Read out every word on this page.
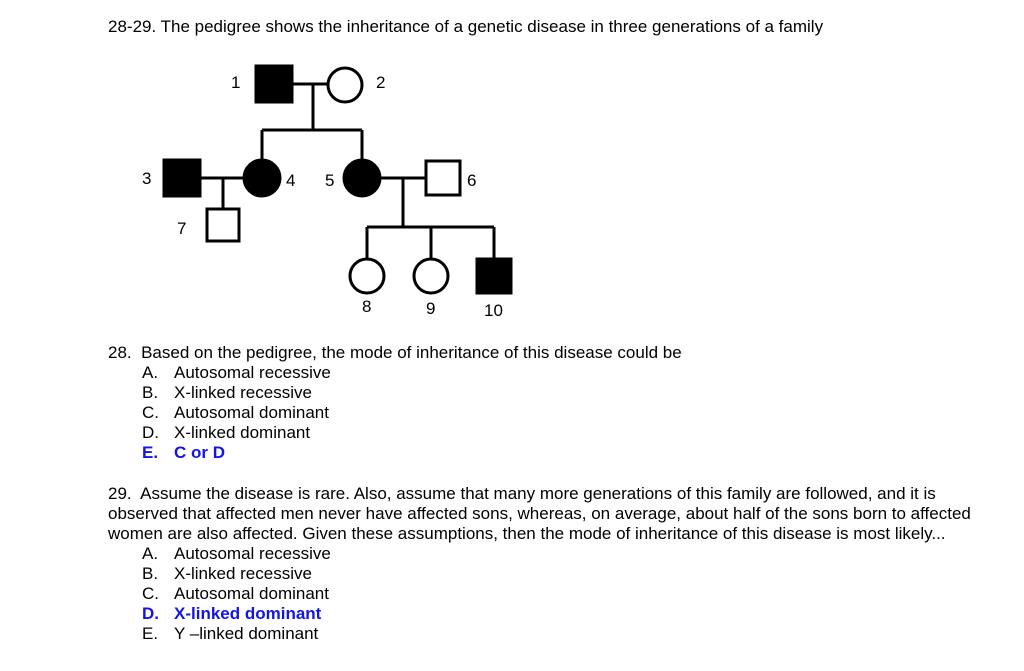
28-29. The pedigree shows the inheritance of a genetic disease in three generations of a family
1	2
3	4 5	6
7
8	9	10

28. Based on the pedigree, the mode of inheritance of this disease could be

A. Autosomal recessive
B. X-linked recessive
C. Autosomal dominant
D. X-linked dominant
E. C or D

29. Assume the disease is rare. Also, assume that many more generations of this family are followed, and it is observed that affected men never have affected sons, whereas, on average, about half of the sons born to affected women are also affected. Given these assumptions, then the mode of inheritance of this disease is most likely...

A. Autosomal recessive
B. X-linked recessive
C. Autosomal dominant
D. X-linked dominant
E. Y –linked dominant
